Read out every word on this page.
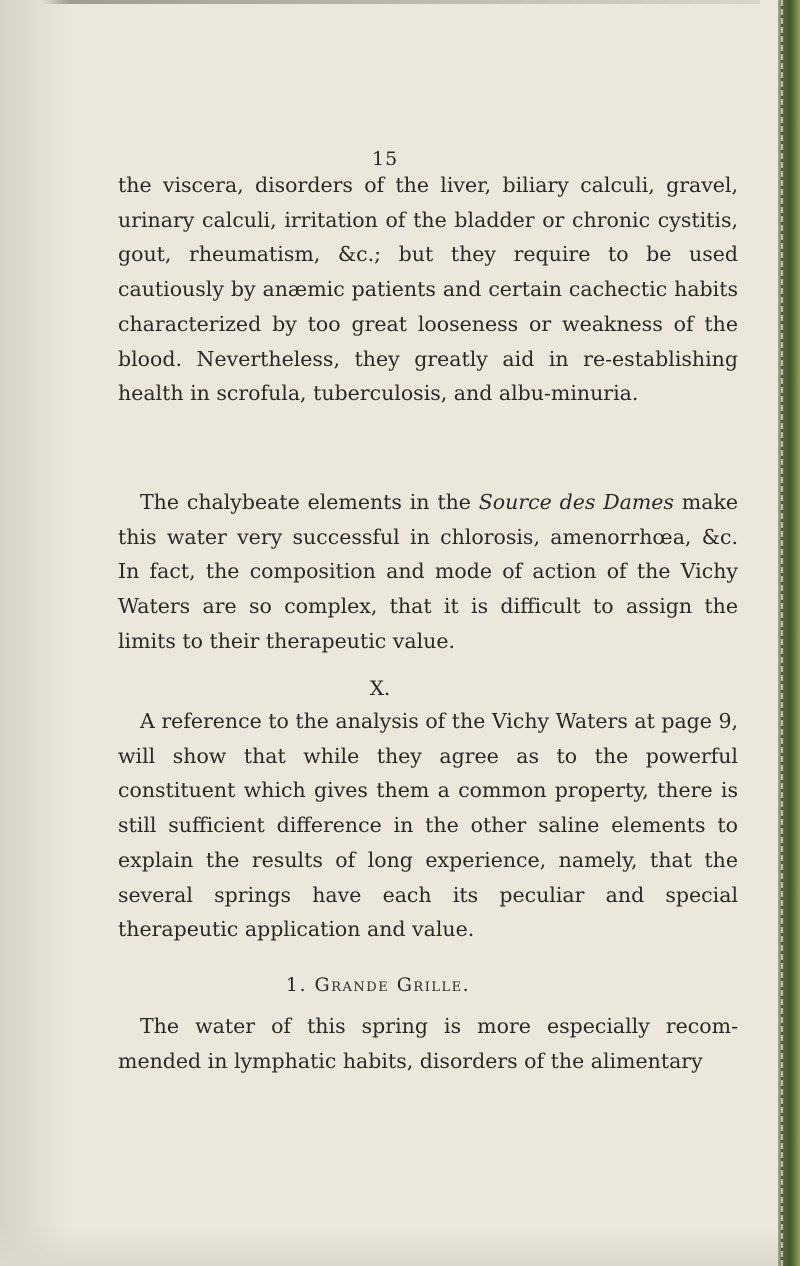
15

the viscera, disorders of the liver, biliary calculi, gravel, urinary calculi, irritation of the bladder or chronic cystitis, gout, rheumatism, &c.; but they require to be used cautiously by anæmic patients and certain cachectic habits characterized by too great looseness or weakness of the blood. Nevertheless, they greatly aid in re-establishing health in scrofula, tuberculosis, and albu-minuria.

The chalybeate elements in the Source des Dames make this water very successful in chlorosis, amenorrhœa, &c. In fact, the composition and mode of action of the Vichy Waters are so complex, that it is difficult to assign the limits to their therapeutic value.

X.

A reference to the analysis of the Vichy Waters at page 9, will show that while they agree as to the powerful constituent which gives them a common property, there is still sufficient difference in the other saline elements to explain the results of long experience, namely, that the several springs have each its peculiar and special therapeutic application and value.

1. Grande Grille.

The water of this spring is more especially recom-mended in lymphatic habits, disorders of the alimentary
